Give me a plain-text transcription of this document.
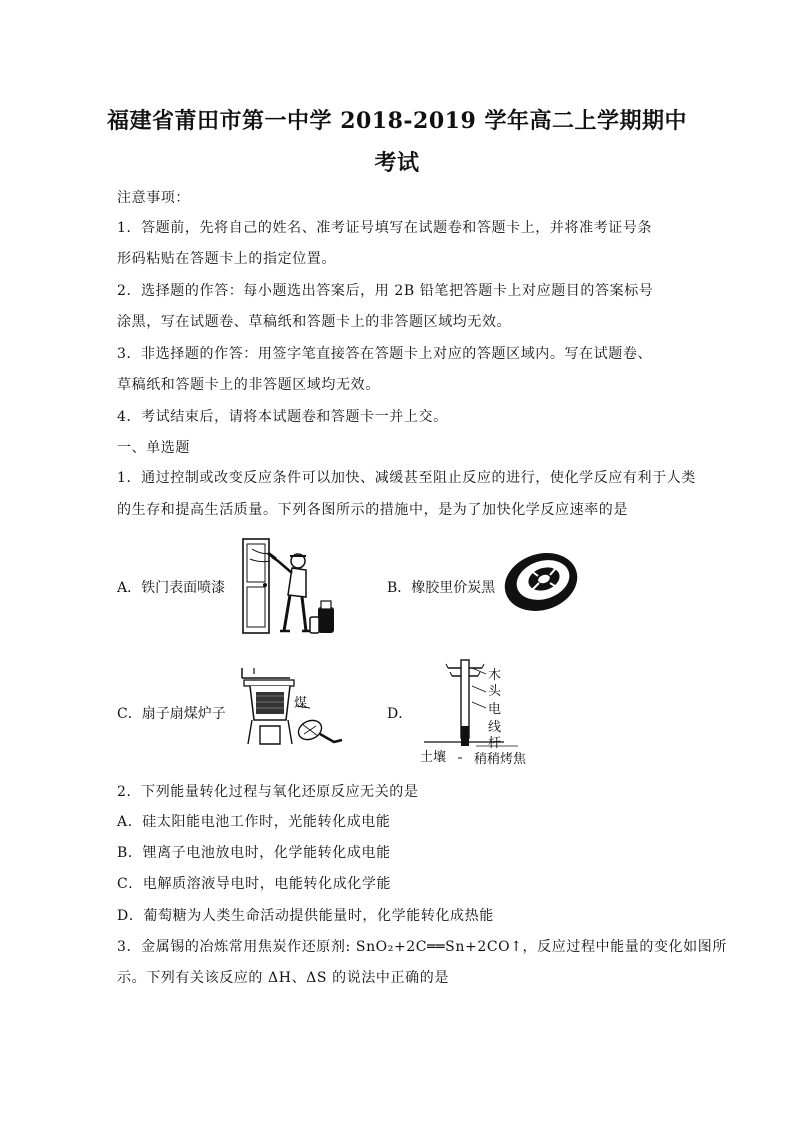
福建省莆田市第一中学 2018-2019 学年高二上学期期中
考试
注意事项：
1．答题前，先将自己的姓名、准考证号填写在试题卷和答题卡上，并将准考证号条
形码粘贴在答题卡上的指定位置。
2．选择题的作答：每小题选出答案后，用 2B 铅笔把答题卡上对应题目的答案标号
涂黑，写在试题卷、草稿纸和答题卡上的非答题区域均无效。
3．非选择题的作答：用签字笔直接答在答题卡上对应的答题区域内。写在试题卷、
草稿纸和答题卡上的非答题区域均无效。
4．考试结束后，请将本试题卷和答题卡一并上交。
一、单选题
1．通过控制或改变反应条件可以加快、减缓甚至阻止反应的进行，使化学反应有利于人类
的生存和提高生活质量。下列各图所示的措施中，是为了加快化学反应速率的是
A．铁门表面喷漆	B．橡胶里价炭黑
C．扇子扇煤炉子
煤
D．
木
头
电
线
杆
土壤 稍稍烤焦
2．下列能量转化过程与氧化还原反应无关的是
A．硅太阳能电池工作时，光能转化成电能
B．锂离子电池放电时，化学能转化成电能
C．电解质溶液导电时，电能转化成化学能
D．葡萄糖为人类生命活动提供能量时，化学能转化成热能
3．金属锡的冶炼常用焦炭作还原剂: SnO₂+2C══Sn+2CO↑，反应过程中能量的变化如图所
示。下列有关该反应的 ΔH、ΔS 的说法中正确的是
